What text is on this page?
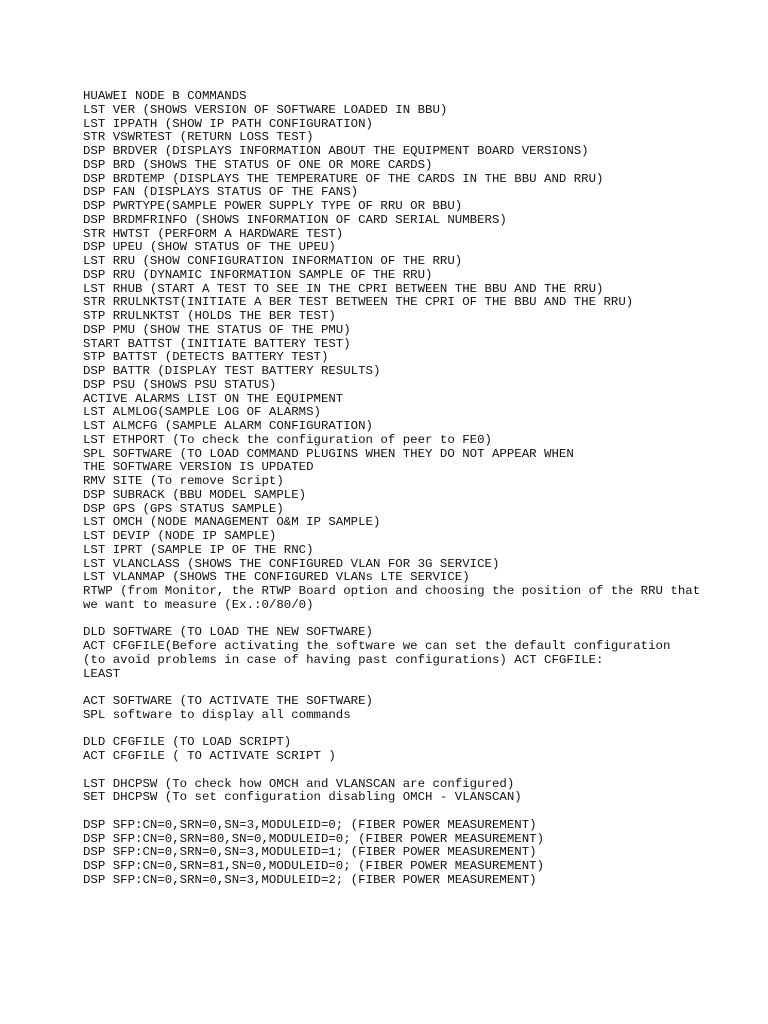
HUAWEI NODE B COMMANDS
LST VER (SHOWS VERSION OF SOFTWARE LOADED IN BBU)
LST IPPATH (SHOW IP PATH CONFIGURATION)
STR VSWRTEST (RETURN LOSS TEST)
DSP BRDVER (DISPLAYS INFORMATION ABOUT THE EQUIPMENT BOARD VERSIONS)
DSP BRD (SHOWS THE STATUS OF ONE OR MORE CARDS)
DSP BRDTEMP (DISPLAYS THE TEMPERATURE OF THE CARDS IN THE BBU AND RRU)
DSP FAN (DISPLAYS STATUS OF THE FANS)
DSP PWRTYPE(SAMPLE POWER SUPPLY TYPE OF RRU OR BBU)
DSP BRDMFRINFO (SHOWS INFORMATION OF CARD SERIAL NUMBERS)
STR HWTST (PERFORM A HARDWARE TEST)
DSP UPEU (SHOW STATUS OF THE UPEU)
LST RRU (SHOW CONFIGURATION INFORMATION OF THE RRU)
DSP RRU (DYNAMIC INFORMATION SAMPLE OF THE RRU)
LST RHUB (START A TEST TO SEE IN THE CPRI BETWEEN THE BBU AND THE RRU)
STR RRULNKTST(INITIATE A BER TEST BETWEEN THE CPRI OF THE BBU AND THE RRU)
STP RRULNKTST (HOLDS THE BER TEST)
DSP PMU (SHOW THE STATUS OF THE PMU)
START BATTST (INITIATE BATTERY TEST)
STP BATTST (DETECTS BATTERY TEST)
DSP BATTR (DISPLAY TEST BATTERY RESULTS)
DSP PSU (SHOWS PSU STATUS)
ACTIVE ALARMS LIST ON THE EQUIPMENT
LST ALMLOG(SAMPLE LOG OF ALARMS)
LST ALMCFG (SAMPLE ALARM CONFIGURATION)
LST ETHPORT (To check the configuration of peer to FE0)
SPL SOFTWARE (TO LOAD COMMAND PLUGINS WHEN THEY DO NOT APPEAR WHEN
THE SOFTWARE VERSION IS UPDATED
RMV SITE (To remove Script)
DSP SUBRACK (BBU MODEL SAMPLE)
DSP GPS (GPS STATUS SAMPLE)
LST OMCH (NODE MANAGEMENT O&M IP SAMPLE)
LST DEVIP (NODE IP SAMPLE)
LST IPRT (SAMPLE IP OF THE RNC)
LST VLANCLASS (SHOWS THE CONFIGURED VLAN FOR 3G SERVICE)
LST VLANMAP (SHOWS THE CONFIGURED VLANs LTE SERVICE)
RTWP (from Monitor, the RTWP Board option and choosing the position of the RRU that
we want to measure (Ex.:0/80/0)
DLD SOFTWARE (TO LOAD THE NEW SOFTWARE)
ACT CFGFILE(Before activating the software we can set the default configuration
(to avoid problems in case of having past configurations) ACT CFGFILE:
LEAST
ACT SOFTWARE (TO ACTIVATE THE SOFTWARE)
SPL software to display all commands
DLD CFGFILE (TO LOAD SCRIPT)
ACT CFGFILE ( TO ACTIVATE SCRIPT )
LST DHCPSW (To check how OMCH and VLANSCAN are configured)
SET DHCPSW (To set configuration disabling OMCH - VLANSCAN)
DSP SFP:CN=0,SRN=0,SN=3,MODULEID=0; (FIBER POWER MEASUREMENT)
DSP SFP:CN=0,SRN=80,SN=0,MODULEID=0; (FIBER POWER MEASUREMENT)
DSP SFP:CN=0,SRN=0,SN=3,MODULEID=1; (FIBER POWER MEASUREMENT)
DSP SFP:CN=0,SRN=81,SN=0,MODULEID=0; (FIBER POWER MEASUREMENT)
DSP SFP:CN=0,SRN=0,SN=3,MODULEID=2; (FIBER POWER MEASUREMENT)
